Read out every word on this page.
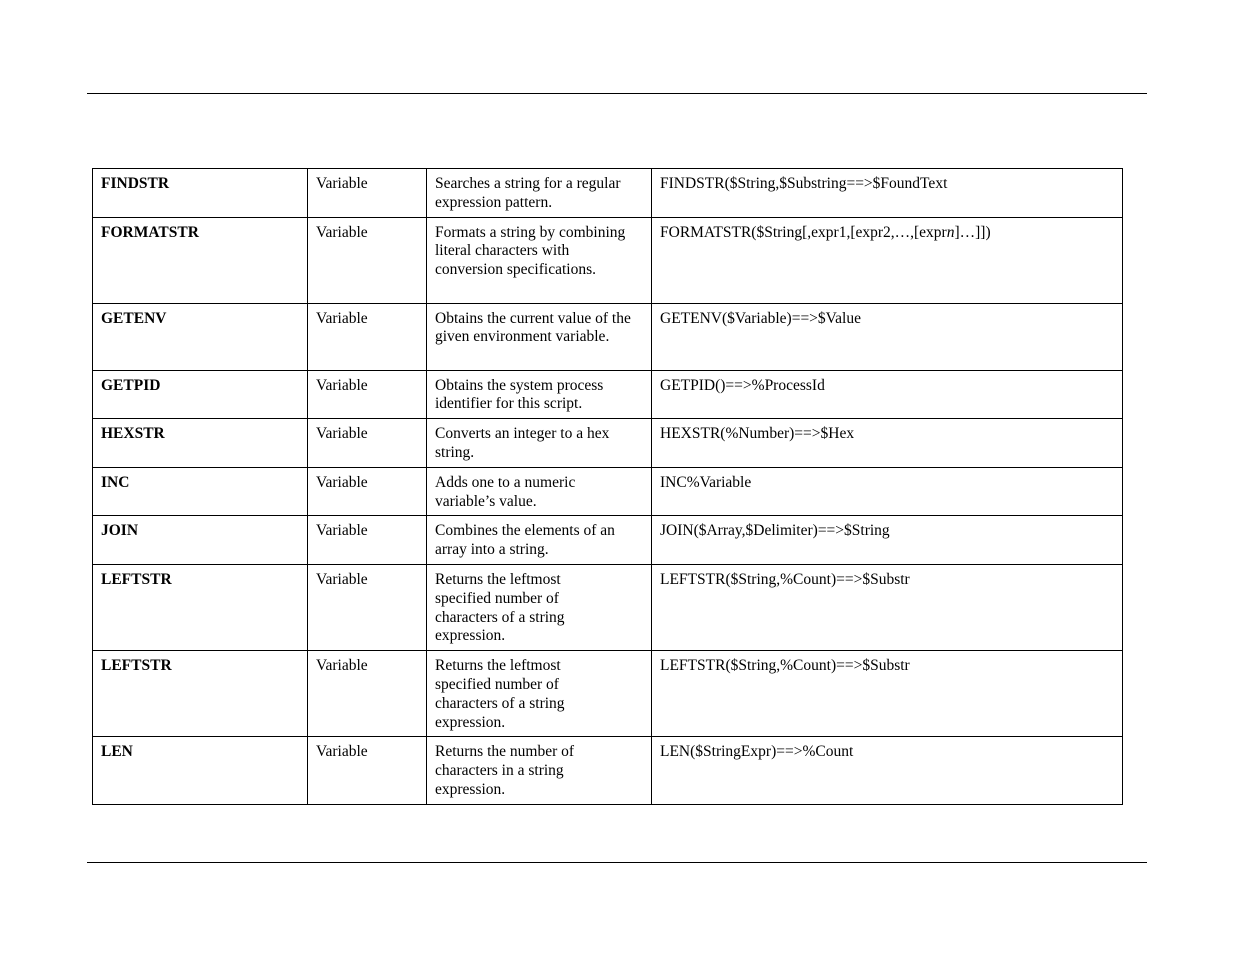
FINDSTR	Variable	Searches a string for a regular expression pattern.	FINDSTR($String,$Substring==>$FoundText
FORMATSTR	Variable	Formats a string by combining literal characters with conversion specifications.	FORMATSTR($String[,expr1,[expr2,…,[exprn]…]])
GETENV	Variable	Obtains the current value of the given environment variable.	GETENV($Variable)==>$Value
GETPID	Variable	Obtains the system process identifier for this script.	GETPID()==>%ProcessId
HEXSTR	Variable	Converts an integer to a hex string.	HEXSTR(%Number)==>$Hex
INC	Variable	Adds one to a numeric variable’s value.	INC%Variable
JOIN	Variable	Combines the elements of an array into a string.	JOIN($Array,$Delimiter)==>$String
LEFTSTR	Variable	Returns the leftmost specified number of characters of a string expression.	LEFTSTR($String,%Count)==>$Substr
LEFTSTR	Variable	Returns the leftmost specified number of characters of a string expression.	LEFTSTR($String,%Count)==>$Substr
LEN	Variable	Returns the number of characters in a string expression.	LEN($StringExpr)==>%Count
